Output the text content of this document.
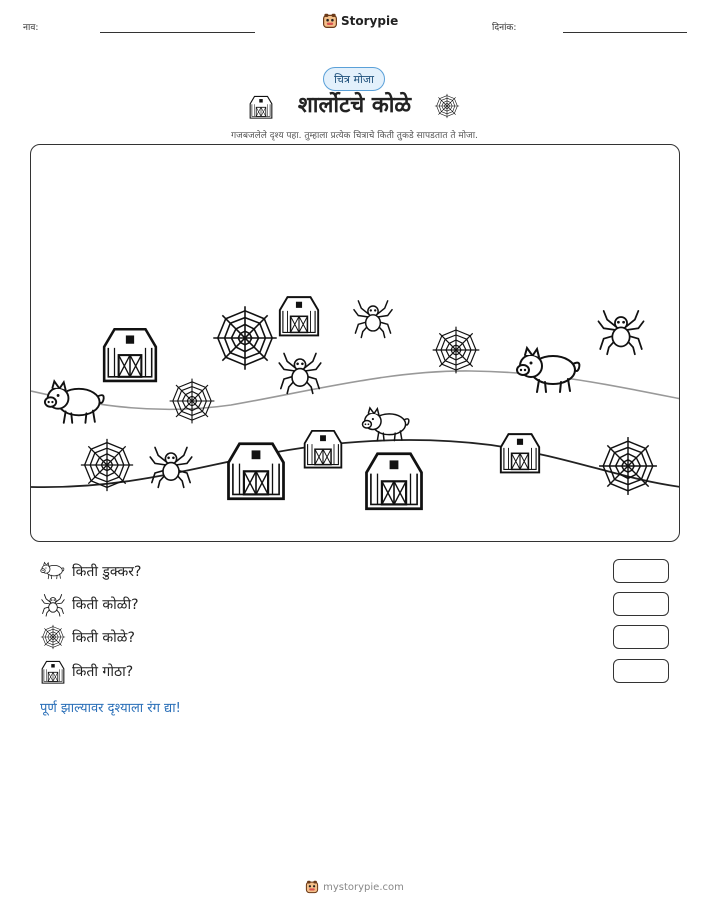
नाव:	Storypie	दिनांक:
चित्र मोजा
शार्लोटचे कोळे
गजबजलेले दृश्य पहा. तुम्हाला प्रत्येक चित्राचे किती तुकडे सापडतात ते मोजा.
किती डुक्कर?
किती कोळी?
किती कोळे?
किती गोठा?
पूर्ण झाल्यावर दृश्याला रंग द्या!
mystorypie.com
